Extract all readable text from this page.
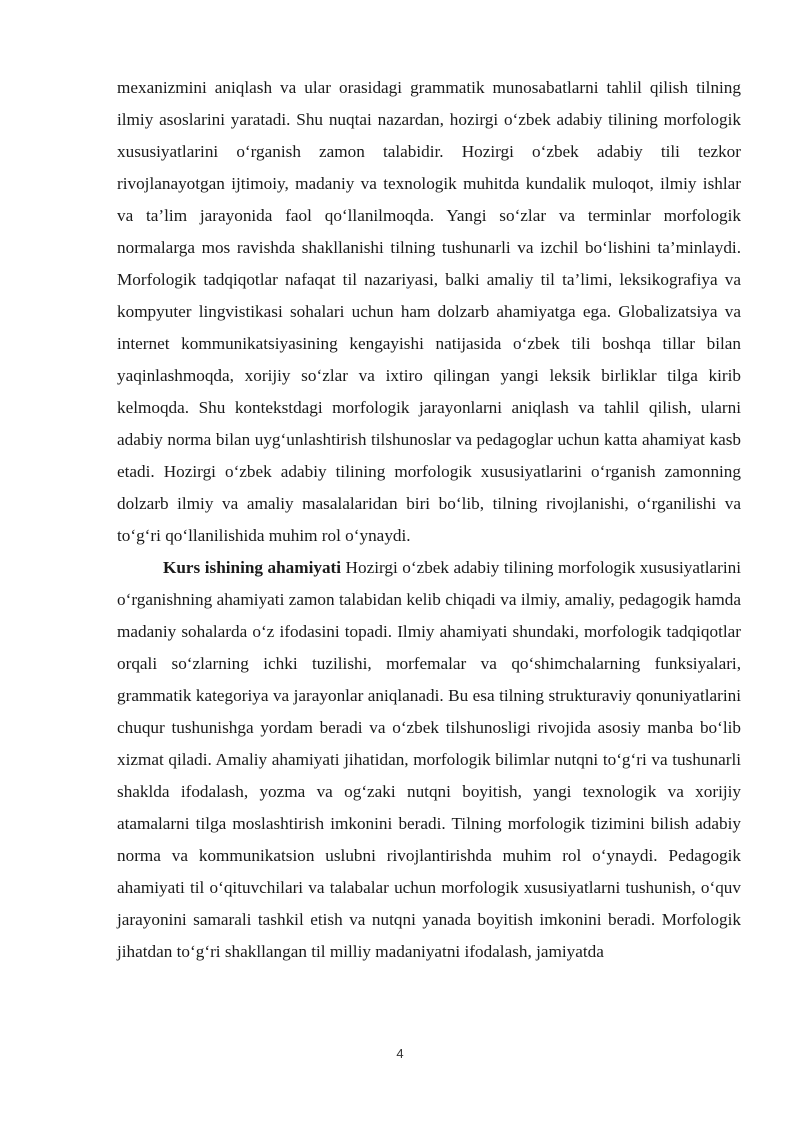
mexanizmini aniqlash va ular orasidagi grammatik munosabatlarni tahlil qilish tilning ilmiy asoslarini yaratadi. Shu nuqtai nazardan, hozirgi o‘zbek adabiy tilining morfologik xususiyatlarini o‘rganish zamon talabidir. Hozirgi o‘zbek adabiy tili tezkor rivojlanayotgan ijtimoiy, madaniy va texnologik muhitda kundalik muloqot, ilmiy ishlar va ta’lim jarayonida faol qo‘llanilmoqda. Yangi so‘zlar va terminlar morfologik normalarga mos ravishda shakllanishi tilning tushunarli va izchil bo‘lishini ta’minlaydi. Morfologik tadqiqotlar nafaqat til nazariyasi, balki amaliy til ta’limi, leksikografiya va kompyuter lingvistikasi sohalari uchun ham dolzarb ahamiyatga ega. Globalizatsiya va internet kommunikatsiyasining kengayishi natijasida o‘zbek tili boshqa tillar bilan yaqinlashmoqda, xorijiy so‘zlar va ixtiro qilingan yangi leksik birliklar tilga kirib kelmoqda. Shu kontekstdagi morfologik jarayonlarni aniqlash va tahlil qilish, ularni adabiy norma bilan uyg‘unlashtirish tilshunoslar va pedagoglar uchun katta ahamiyat kasb etadi. Hozirgi o‘zbek adabiy tilining morfologik xususiyatlarini o‘rganish zamonning dolzarb ilmiy va amaliy masalalaridan biri bo‘lib, tilning rivojlanishi, o‘rganilishi va to‘g‘ri qo‘llanilishida muhim rol o‘ynaydi.

Kurs ishining ahamiyati Hozirgi o‘zbek adabiy tilining morfologik xususiyatlarini o‘rganishning ahamiyati zamon talabidan kelib chiqadi va ilmiy, amaliy, pedagogik hamda madaniy sohalarda o‘z ifodasini topadi. Ilmiy ahamiyati shundaki, morfologik tadqiqotlar orqali so‘zlarning ichki tuzilishi, morfemalar va qo‘shimchalarning funksiyalari, grammatik kategoriya va jarayonlar aniqlanadi. Bu esa tilning strukturaviy qonuniyatlarini chuqur tushunishga yordam beradi va o‘zbek tilshunosligi rivojida asosiy manba bo‘lib xizmat qiladi. Amaliy ahamiyati jihatidan, morfologik bilimlar nutqni to‘g‘ri va tushunarli shaklda ifodalash, yozma va og‘zaki nutqni boyitish, yangi texnologik va xorijiy atamalarni tilga moslashtirish imkonini beradi. Tilning morfologik tizimini bilish adabiy norma va kommunikatsion uslubni rivojlantirishda muhim rol o‘ynaydi. Pedagogik ahamiyati til o‘qituvchilari va talabalar uchun morfologik xususiyatlarni tushunish, o‘quv jarayonini samarali tashkil etish va nutqni yanada boyitish imkonini beradi. Morfologik jihatdan to‘g‘ri shakllangan til milliy madaniyatni ifodalash, jamiyatda

4
